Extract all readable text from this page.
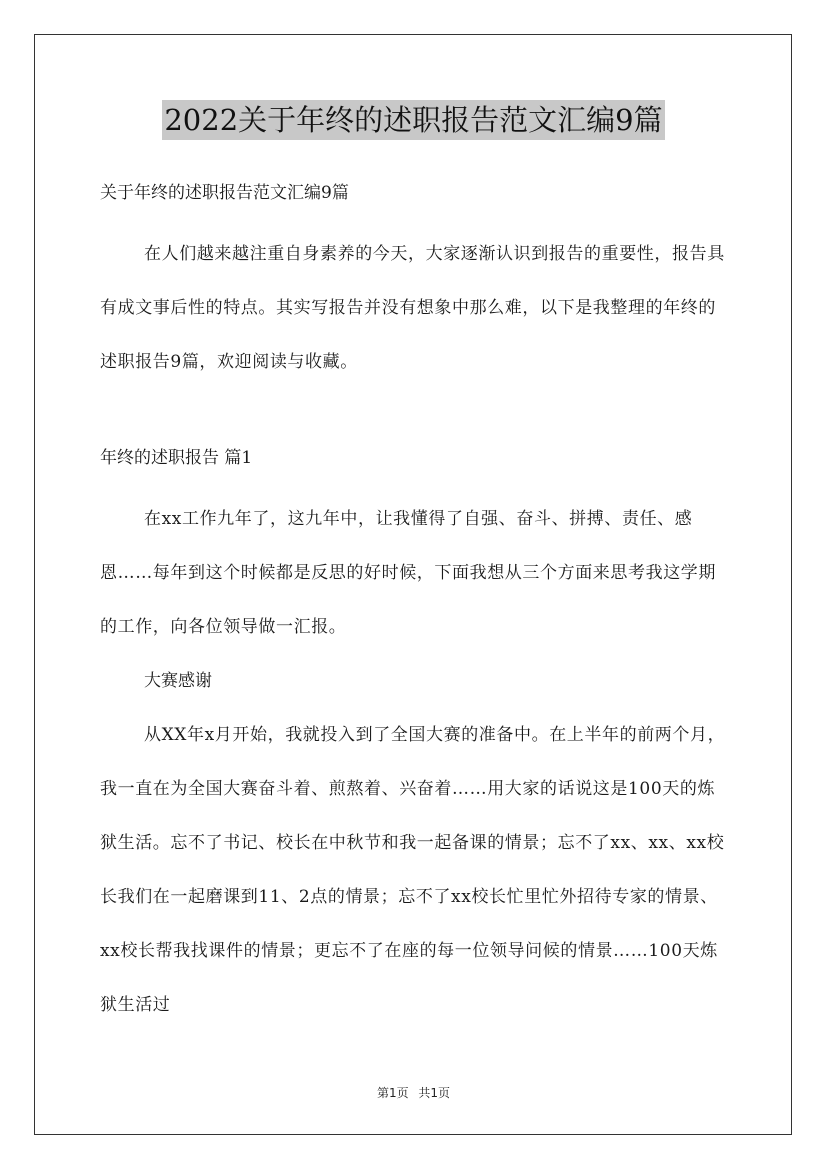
2022关于年终的述职报告范文汇编9篇
关于年终的述职报告范文汇编9篇

在人们越来越注重自身素养的今天，大家逐渐认识到报告的重要性，报告具有成文事后性的特点。其实写报告并没有想象中那么难，以下是我整理的年终的述职报告9篇，欢迎阅读与收藏。

年终的述职报告 篇1

在xx工作九年了，这九年中，让我懂得了自强、奋斗、拼搏、责任、感恩……每年到这个时候都是反思的好时候，下面我想从三个方面来思考我这学期的工作，向各位领导做一汇报。

大赛感谢

从XX年x月开始，我就投入到了全国大赛的准备中。在上半年的前两个月，我一直在为全国大赛奋斗着、煎熬着、兴奋着……用大家的话说这是100天的炼狱生活。忘不了书记、校长在中秋节和我一起备课的情景；忘不了xx、xx、xx校长我们在一起磨课到11、2点的情景；忘不了xx校长忙里忙外招待专家的情景、xx校长帮我找课件的情景；更忘不了在座的每一位领导问候的情景……100天炼狱生活过

第1页 共1页
